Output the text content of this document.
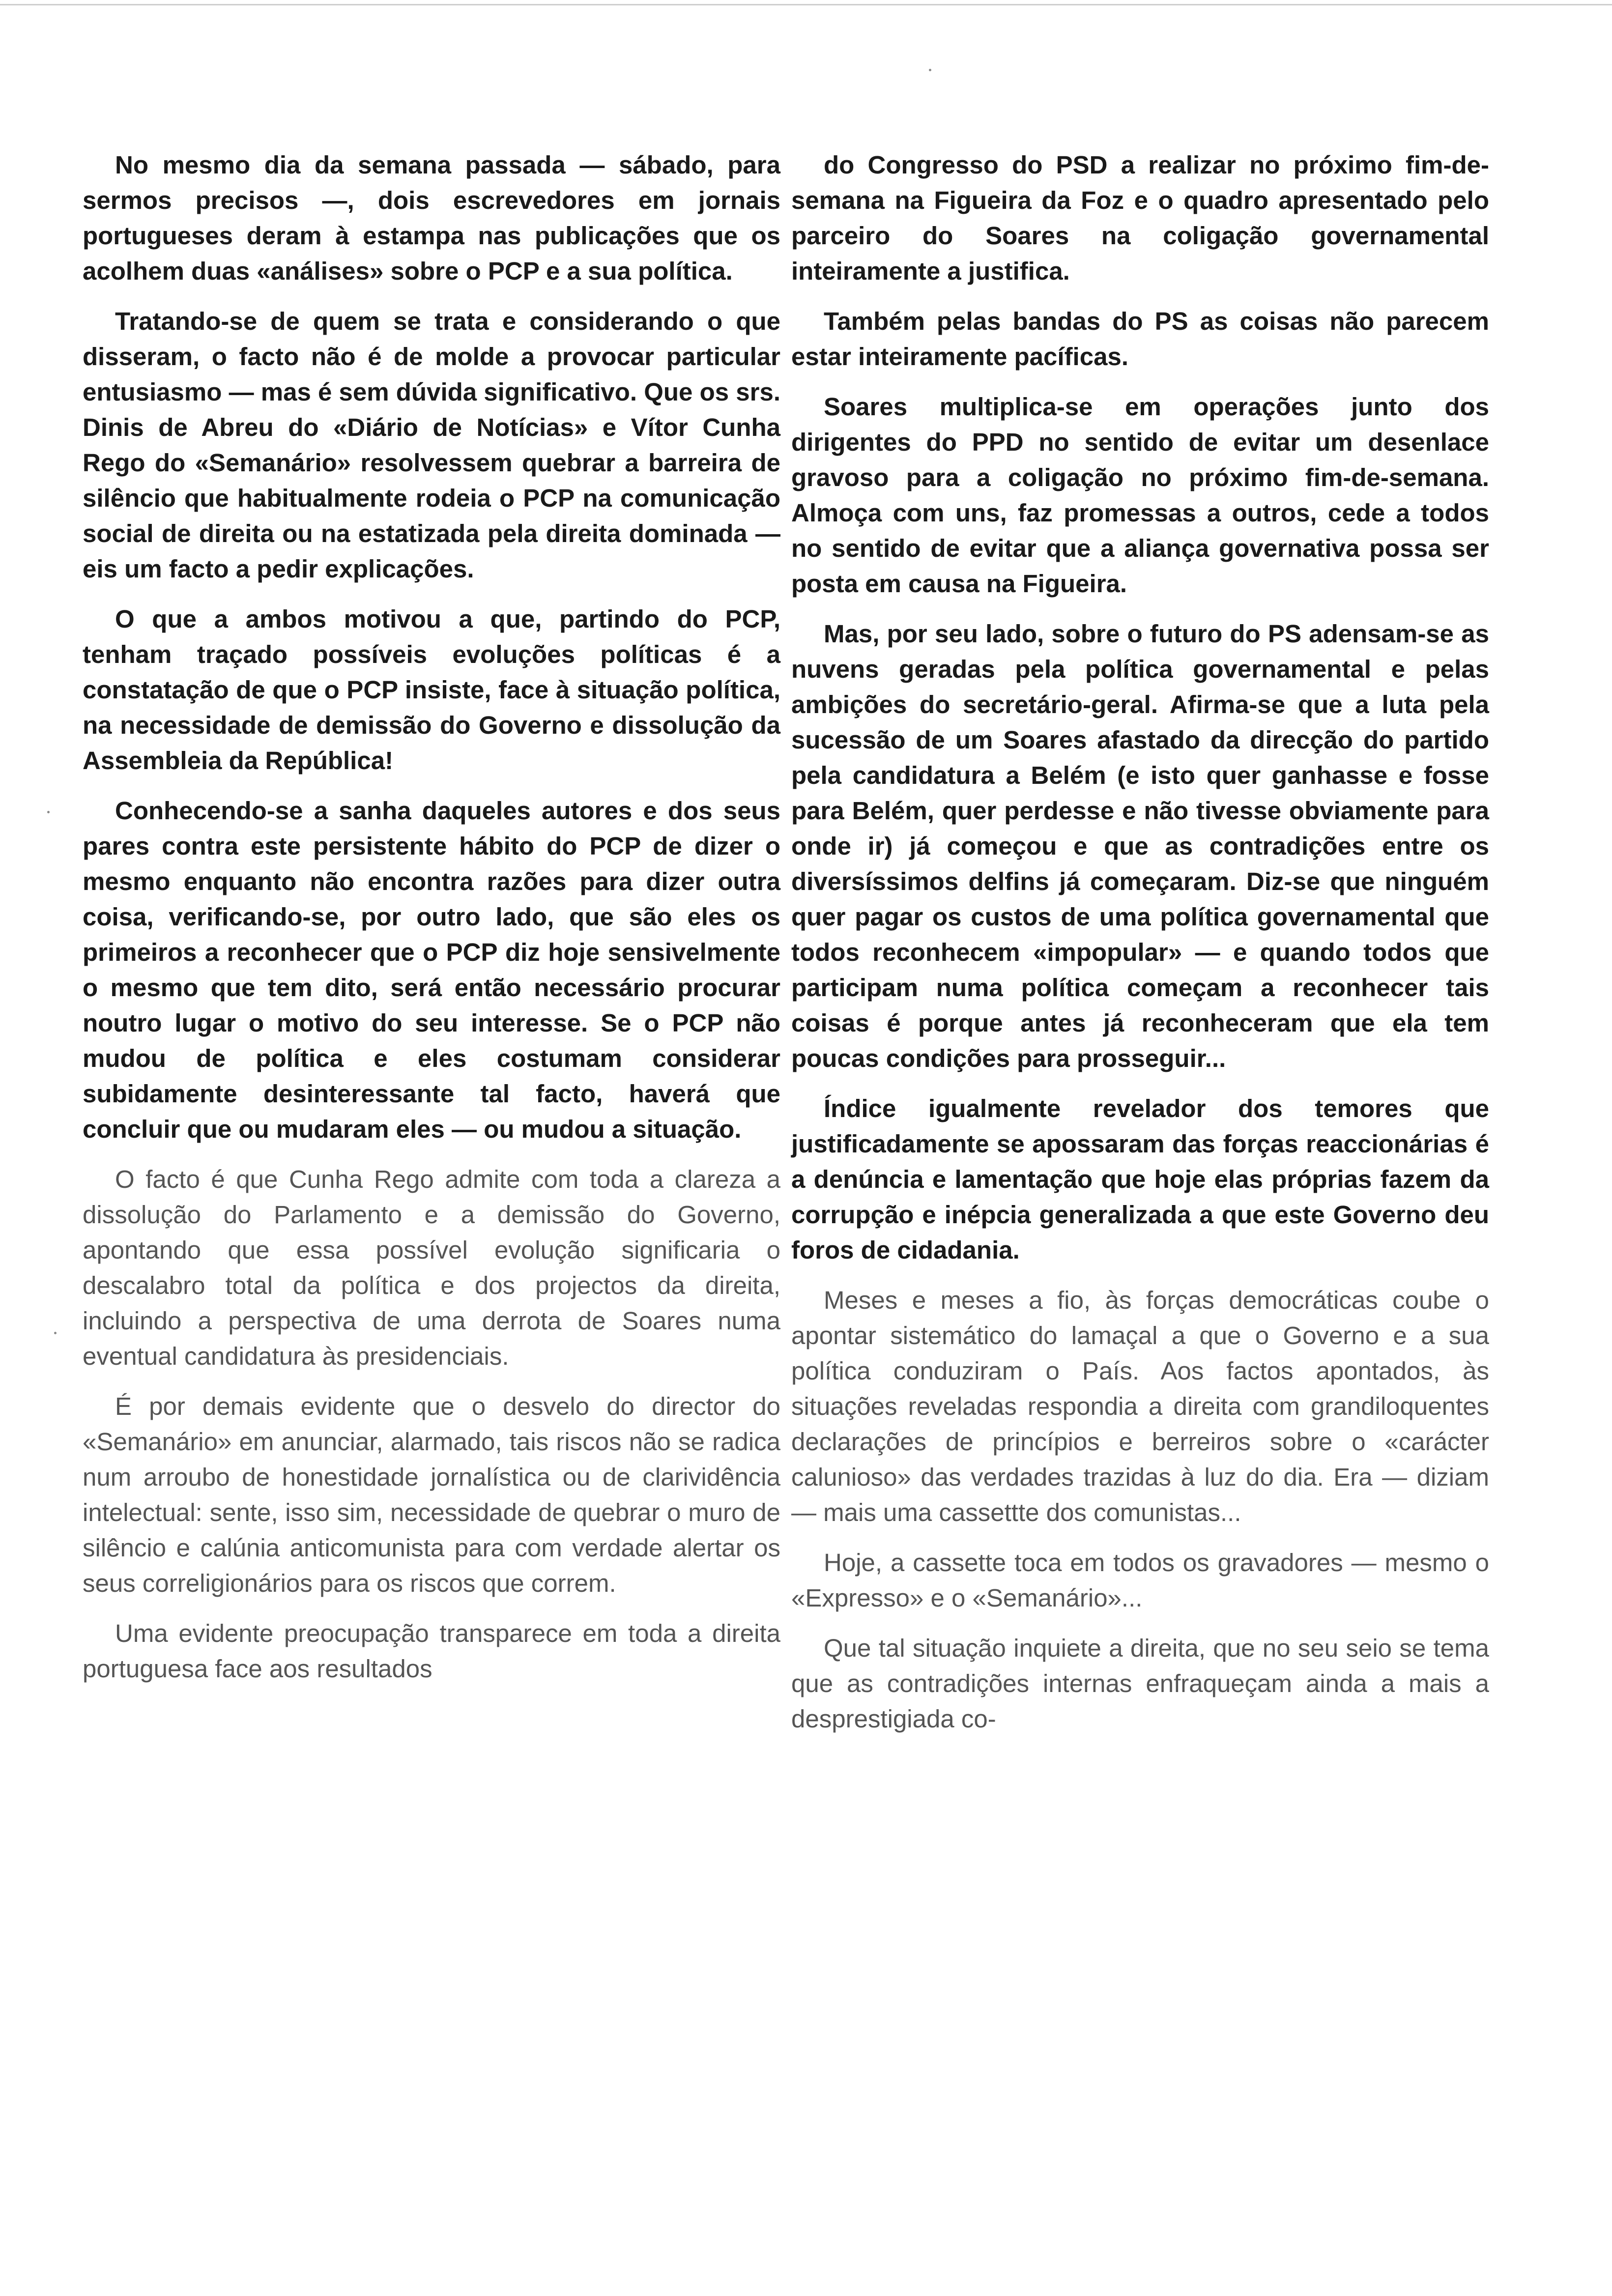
No mesmo dia da semana passada — sábado, para sermos precisos —, dois escrevedores em jornais portugueses deram à estampa nas publicações que os acolhem duas «análises» sobre o PCP e a sua política.

Tratando-se de quem se trata e considerando o que disseram, o facto não é de molde a provocar particular entusiasmo — mas é sem dúvida significativo. Que os srs. Dinis de Abreu do «Diário de Notícias» e Vítor Cunha Rego do «Semanário» resolvessem quebrar a barreira de silêncio que habitualmente rodeia o PCP na comunicação social de direita ou na estatizada pela direita dominada — eis um facto a pedir explicações.

O que a ambos motivou a que, partindo do PCP, tenham traçado possíveis evoluções políticas é a constatação de que o PCP insiste, face à situação política, na necessidade de demissão do Governo e dissolução da Assembleia da República!

Conhecendo-se a sanha daqueles autores e dos seus pares contra este persistente hábito do PCP de dizer o mesmo enquanto não encontra razões para dizer outra coisa, verificando-se, por outro lado, que são eles os primeiros a reconhecer que o PCP diz hoje sensivelmente o mesmo que tem dito, será então necessário procurar noutro lugar o motivo do seu interesse. Se o PCP não mudou de política e eles costumam considerar subidamente desinteressante tal facto, haverá que concluir que ou mudaram eles — ou mudou a situação.

O facto é que Cunha Rego admite com toda a clareza a dissolução do Parlamento e a demissão do Governo, apontando que essa possível evolução significaria o descalabro total da política e dos projectos da direita, incluindo a perspectiva de uma derrota de Soares numa eventual candidatura às presidenciais.

É por demais evidente que o desvelo do director do «Semanário» em anunciar, alarmado, tais riscos não se radica num arroubo de honestidade jornalística ou de clarividência intelectual: sente, isso sim, necessidade de quebrar o muro de silêncio e calúnia anticomunista para com verdade alertar os seus correligionários para os riscos que correm.

Uma evidente preocupação transparece em toda a direita portuguesa face aos resultados

do Congresso do PSD a realizar no próximo fim-de-semana na Figueira da Foz e o quadro apresentado pelo parceiro do Soares na coligação governamental inteiramente a justifica.

Também pelas bandas do PS as coisas não parecem estar inteiramente pacíficas.

Soares multiplica-se em operações junto dos dirigentes do PPD no sentido de evitar um desenlace gravoso para a coligação no próximo fim-de-semana. Almoça com uns, faz promessas a outros, cede a todos no sentido de evitar que a aliança governativa possa ser posta em causa na Figueira.

Mas, por seu lado, sobre o futuro do PS adensam-se as nuvens geradas pela política governamental e pelas ambições do secretário-geral. Afirma-se que a luta pela sucessão de um Soares afastado da direcção do partido pela candidatura a Belém (e isto quer ganhasse e fosse para Belém, quer perdesse e não tivesse obviamente para onde ir) já começou e que as contradições entre os diversíssimos delfins já começaram. Diz-se que ninguém quer pagar os custos de uma política governamental que todos reconhecem «impopular» — e quando todos que participam numa política começam a reconhecer tais coisas é porque antes já reconheceram que ela tem poucas condições para prosseguir...

Índice igualmente revelador dos temores que justificadamente se apossaram das forças reaccionárias é a denúncia e lamentação que hoje elas próprias fazem da corrupção e inépcia generalizada a que este Governo deu foros de cidadania.

Meses e meses a fio, às forças democráticas coube o apontar sistemático do lamaçal a que o Governo e a sua política conduziram o País. Aos factos apontados, às situações reveladas respondia a direita com grandiloquentes declarações de princípios e berreiros sobre o «carácter calunioso» das verdades trazidas à luz do dia. Era — diziam — mais uma cassettte dos comunistas...

Hoje, a cassette toca em todos os gravadores — mesmo o «Expresso» e o «Semanário»...

Que tal situação inquiete a direita, que no seu seio se tema que as contradições internas enfraqueçam ainda a mais a desprestigiada co-
